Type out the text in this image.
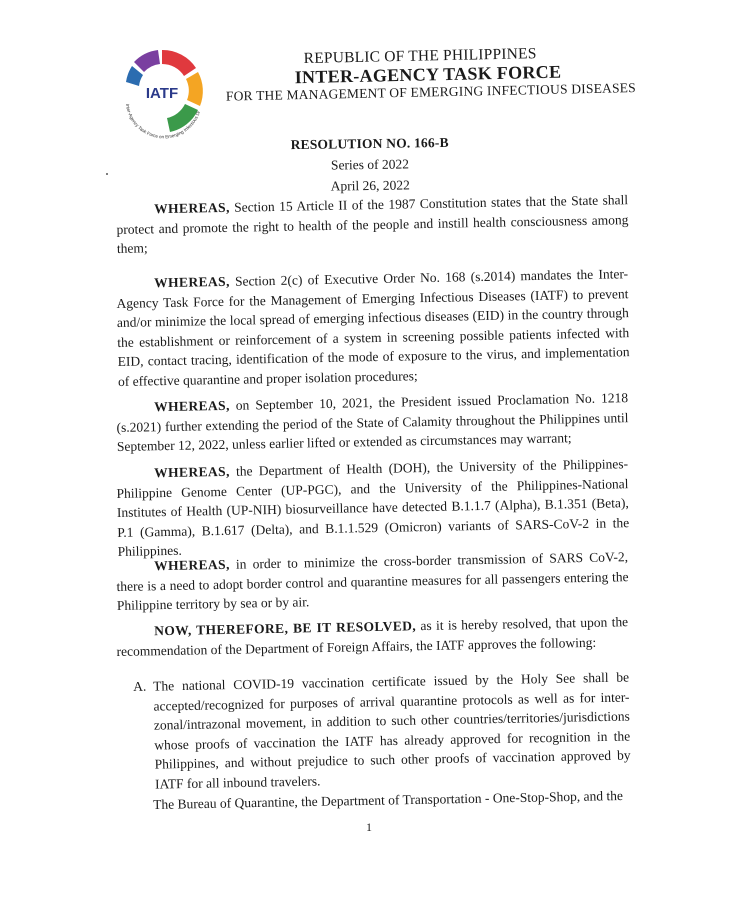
IATF
Inter-Agency Task Force on Emerging Infectious Di
REPUBLIC OF THE PHILIPPINES
INTER-AGENCY TASK FORCE
FOR THE MANAGEMENT OF EMERGING INFECTIOUS DISEASES
RESOLUTION NO. 166-B
Series of 2022
April 26, 2022
WHEREAS, Section 15 Article II of the 1987 Constitution states that the State shall protect and promote the right to health of the people and instill health consciousness among them;
WHEREAS, Section 2(c) of Executive Order No. 168 (s.2014) mandates the Inter-Agency Task Force for the Management of Emerging Infectious Diseases (IATF) to prevent and/or minimize the local spread of emerging infectious diseases (EID) in the country through the establishment or reinforcement of a system in screening possible patients infected with EID, contact tracing, identification of the mode of exposure to the virus, and implementation of effective quarantine and proper isolation procedures;
WHEREAS, on September 10, 2021, the President issued Proclamation No. 1218 (s.2021) further extending the period of the State of Calamity throughout the Philippines until September 12, 2022, unless earlier lifted or extended as circumstances may warrant;
WHEREAS, the Department of Health (DOH), the University of the Philippines-Philippine Genome Center (UP-PGC), and the University of the Philippines-National Institutes of Health (UP-NIH) biosurveillance have detected B.1.1.7 (Alpha), B.1.351 (Beta), P.1 (Gamma), B.1.617 (Delta), and B.1.1.529 (Omicron) variants of SARS-CoV-2 in the Philippines.
WHEREAS, in order to minimize the cross-border transmission of SARS CoV-2, there is a need to adopt border control and quarantine measures for all passengers entering the Philippine territory by sea or by air.
NOW, THEREFORE, BE IT RESOLVED, as it is hereby resolved, that upon the recommendation of the Department of Foreign Affairs, the IATF approves the following:
A. The national COVID-19 vaccination certificate issued by the Holy See shall be accepted/recognized for purposes of arrival quarantine protocols as well as for inter-zonal/intrazonal movement, in addition to such other countries/territories/jurisdictions whose proofs of vaccination the IATF has already approved for recognition in the Philippines, and without prejudice to such other proofs of vaccination approved by IATF for all inbound travelers.
The Bureau of Quarantine, the Department of Transportation - One-Stop-Shop, and the
1
